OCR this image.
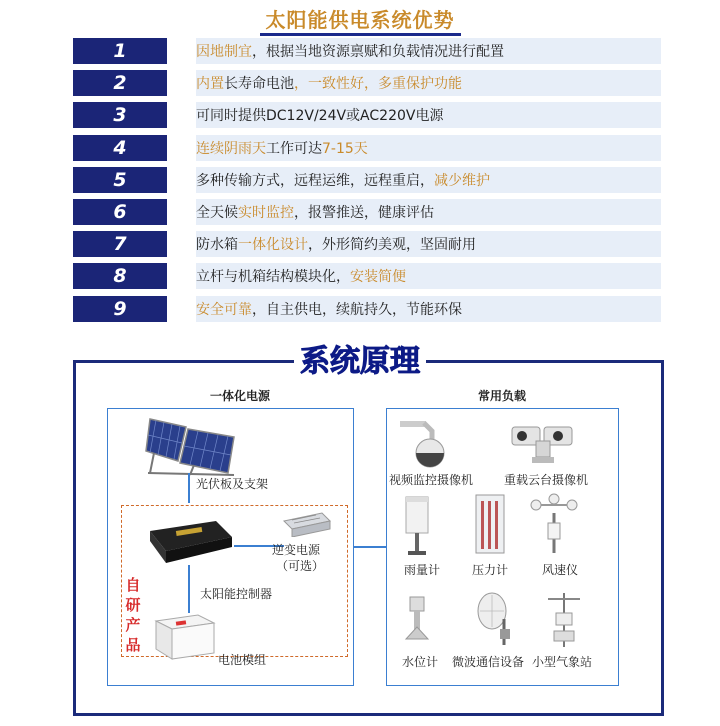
太阳能供电系统优势
1	因地制宜 ，根据当地资源禀赋和负载情况进行配置
2	内置 长寿命电池 ，一致性好，多重保护功能
3	可同时提供DC12V/24V或AC220V电源
4	连续阴雨天 工作可达 7-15天
5	多种传输方式，远程运维，远程重启， 减少维护
6	全天候 实时监控 ，报警推送，健康评估
7	防水箱 一体化设计 ，外形简约美观，坚固耐用
8	立杆与机箱结构模块化， 安装简便
9	安全可靠 ，自主供电，续航持久，节能环保
系统原理
一体化电源	常用负载
光伏板及支架
自
研
产
品
太阳能控制器
逆变电源
（可选）
电池模组
视频监控摄像机	重载云台摄像机
雨量计	压力计	风速仪
水位计 微波通信设备 小型气象站
